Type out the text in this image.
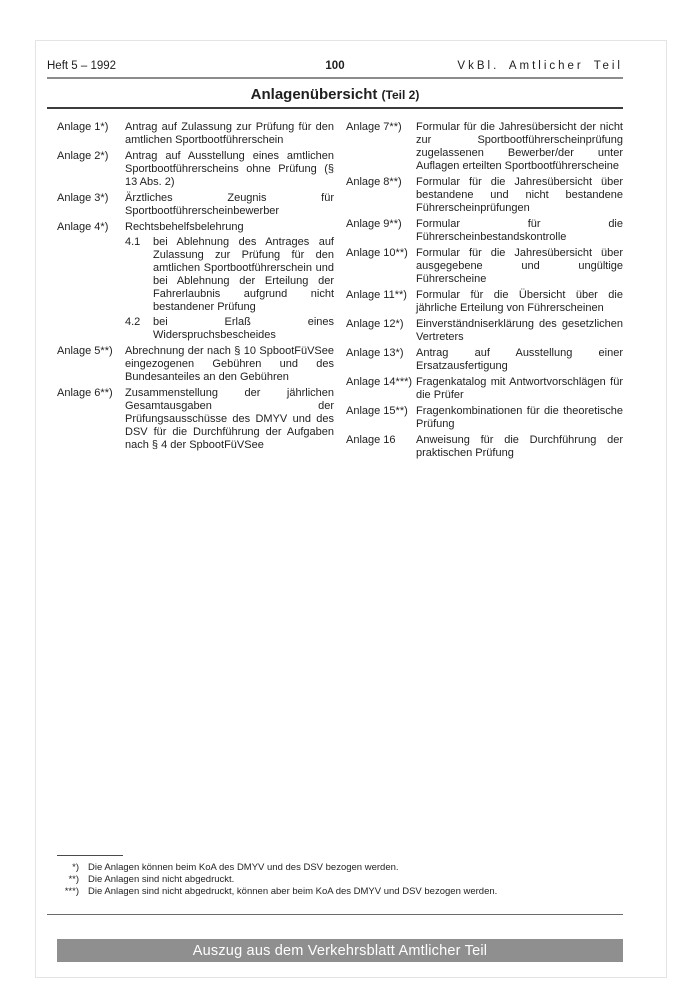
Heft 5 – 1992	100	VkBl. Amtlicher Teil
Anlagenübersicht (Teil 2)
Anlage 1*)	Antrag auf Zulassung zur Prüfung für den amtlichen Sportbootführerschein
Anlage 2*)	Antrag auf Ausstellung eines amtlichen Sportbootführerscheins ohne Prüfung (§ 13 Abs. 2)
Anlage 3*)	Ärztliches Zeugnis für Sportbootführerscheinbewerber
Anlage 4*)	Rechtsbehelfsbelehrung
4.1	bei Ablehnung des Antrages auf Zulassung zur Prüfung für den amtlichen Sportbootführerschein und bei Ablehnung der Erteilung der Fahrerlaubnis aufgrund nicht bestandener Prüfung
4.2	bei Erlaß eines Widerspruchsbescheides
Anlage 5**)	Abrechnung der nach § 10 SpbootFüVSee eingezogenen Gebühren und des Bundesanteiles an den Gebühren
Anlage 6**)	Zusammenstellung der jährlichen Gesamtausgaben der Prüfungsausschüsse des DMYV und des DSV für die Durchführung der Aufgaben nach § 4 der SpbootFüVSee
Anlage 7**)	Formular für die Jahresübersicht der nicht zur Sportbootführerscheinprüfung zugelassenen Bewerber/der unter Auflagen erteilten Sportbootführerscheine
Anlage 8**)	Formular für die Jahresübersicht über bestandene und nicht bestandene Führerscheinprüfungen
Anlage 9**)	Formular für die Führerscheinbestandskontrolle
Anlage 10**) Formular für die Jahresübersicht über ausgegebene und ungültige Führerscheine
Anlage 11**) Formular für die Übersicht über die jährliche Erteilung von Führerscheinen
Anlage 12*)	Einverständniserklärung des gesetzlichen Vertreters
Anlage 13*)	Antrag auf Ausstellung einer Ersatzausfertigung
Anlage 14***) Fragenkatalog mit Antwortvorschlägen für die Prüfer
Anlage 15**) Fragenkombinationen für die theoretische Prüfung
Anlage 16	Anweisung für die Durchführung der praktischen Prüfung
*) Die Anlagen können beim KoA des DMYV und des DSV bezogen werden.
**) Die Anlagen sind nicht abgedruckt.
***) Die Anlagen sind nicht abgedruckt, können aber beim KoA des DMYV und DSV bezogen werden.
Auszug aus dem Verkehrsblatt Amtlicher Teil
